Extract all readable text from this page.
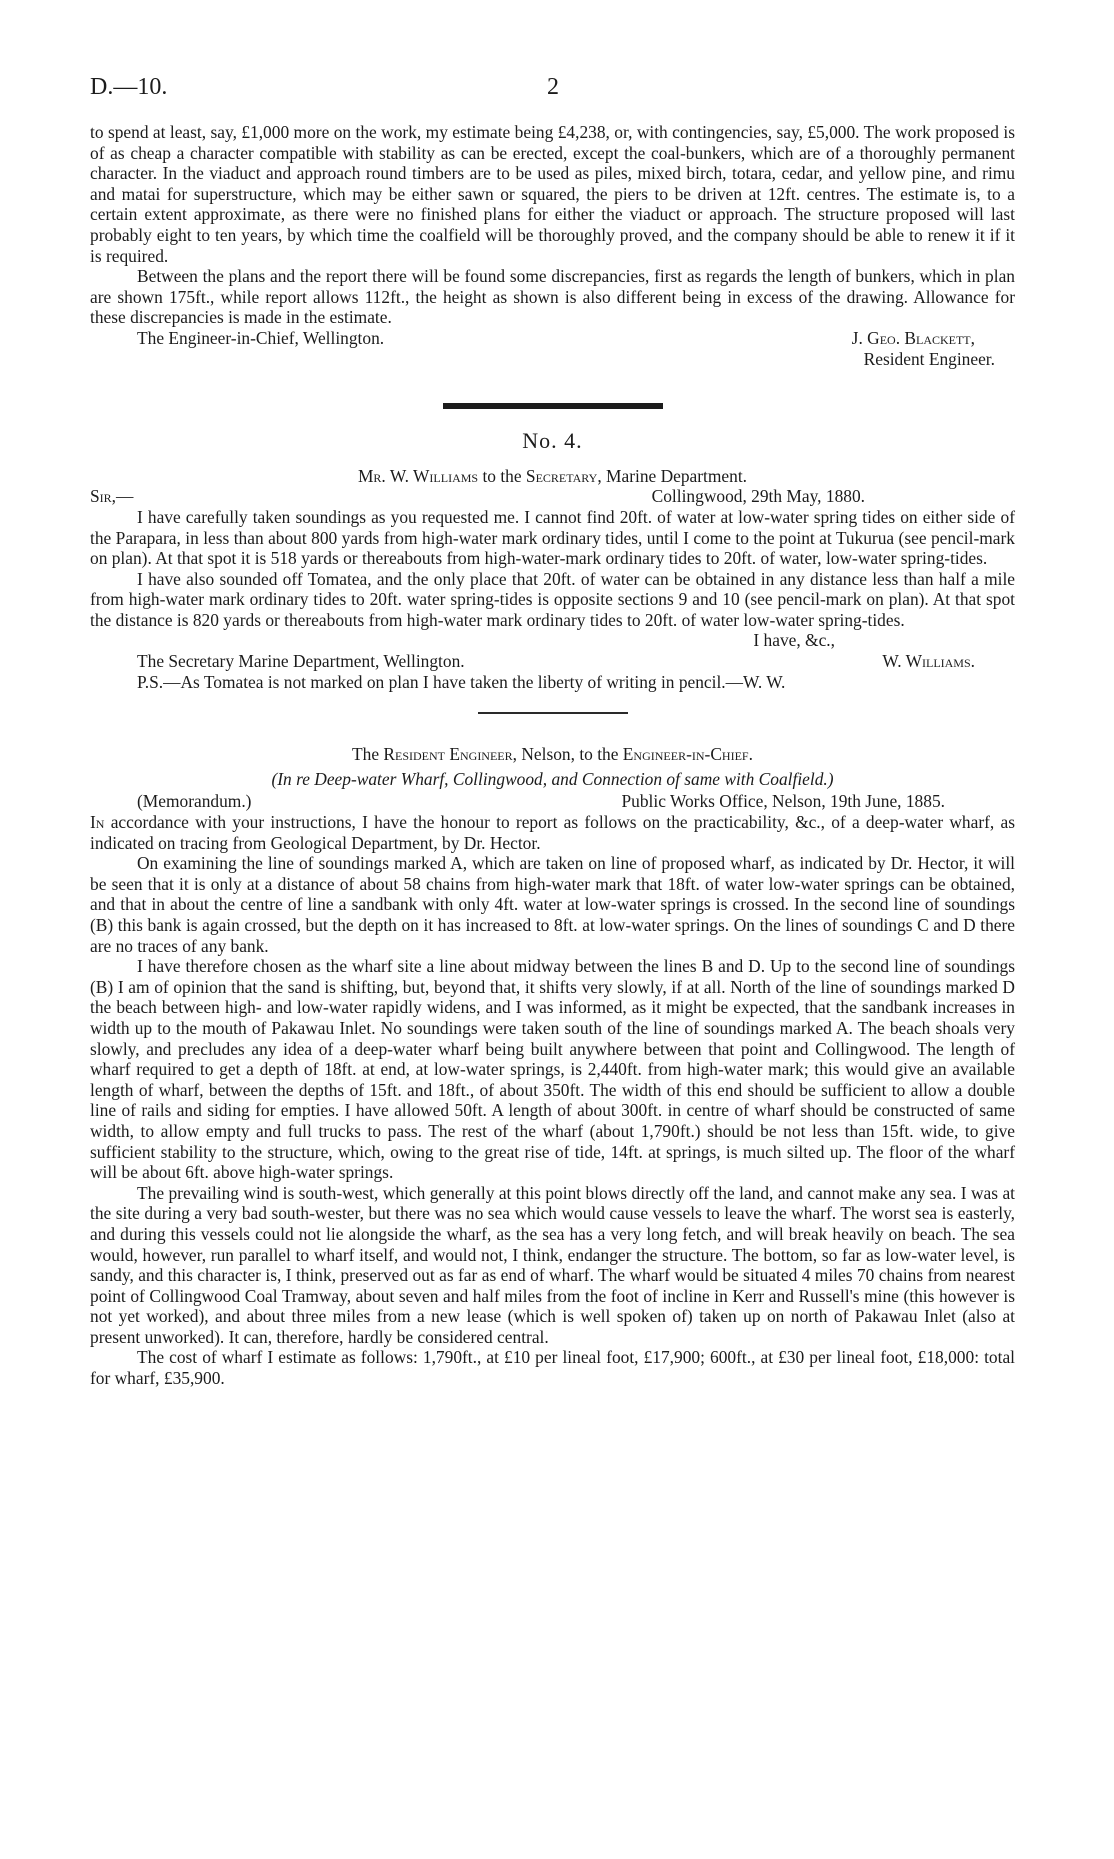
D.—10.	2

to spend at least, say, £1,000 more on the work, my estimate being £4,238, or, with contingencies, say, £5,000. The work proposed is of as cheap a character compatible with stability as can be erected, except the coal-bunkers, which are of a thoroughly permanent character. In the viaduct and approach round timbers are to be used as piles, mixed birch, totara, cedar, and yellow pine, and rimu and matai for superstructure, which may be either sawn or squared, the piers to be driven at 12ft. centres. The estimate is, to a certain extent approximate, as there were no finished plans for either the viaduct or approach. The structure proposed will last probably eight to ten years, by which time the coalfield will be thoroughly proved, and the company should be able to renew it if it is required.

Between the plans and the report there will be found some discrepancies, first as regards the length of bunkers, which in plan are shown 175ft., while report allows 112ft., the height as shown is also different being in excess of the drawing. Allowance for these discrepancies is made in the estimate.

The Engineer-in-Chief, Wellington.	J. Geo. Blackett,
Resident Engineer.
No. 4.

Mr. W. Williams to the Secretary, Marine Department.

Sir,—	Collingwood, 29th May, 1880.

I have carefully taken soundings as you requested me. I cannot find 20ft. of water at low-water spring tides on either side of the Parapara, in less than about 800 yards from high-water mark ordinary tides, until I come to the point at Tukurua (see pencil-mark on plan). At that spot it is 518 yards or thereabouts from high-water-mark ordinary tides to 20ft. of water, low-water spring-tides.

I have also sounded off Tomatea, and the only place that 20ft. of water can be obtained in any distance less than half a mile from high-water mark ordinary tides to 20ft. water spring-tides is opposite sections 9 and 10 (see pencil-mark on plan). At that spot the distance is 820 yards or thereabouts from high-water mark ordinary tides to 20ft. of water low-water spring-tides.

I have, &c.,

The Secretary Marine Department, Wellington.	W. Williams.

P.S.—As Tomatea is not marked on plan I have taken the liberty of writing in pencil.—W. W.

The Resident Engineer, Nelson, to the Engineer-in-Chief.

(In re Deep-water Wharf, Collingwood, and Connection of same with Coalfield.)

(Memorandum.)	Public Works Office, Nelson, 19th June, 1885.

In accordance with your instructions, I have the honour to report as follows on the practicability, &c., of a deep-water wharf, as indicated on tracing from Geological Department, by Dr. Hector.

On examining the line of soundings marked A, which are taken on line of proposed wharf, as indicated by Dr. Hector, it will be seen that it is only at a distance of about 58 chains from high-water mark that 18ft. of water low-water springs can be obtained, and that in about the centre of line a sandbank with only 4ft. water at low-water springs is crossed. In the second line of soundings (B) this bank is again crossed, but the depth on it has increased to 8ft. at low-water springs. On the lines of soundings C and D there are no traces of any bank.

I have therefore chosen as the wharf site a line about midway between the lines B and D. Up to the second line of soundings (B) I am of opinion that the sand is shifting, but, beyond that, it shifts very slowly, if at all. North of the line of soundings marked D the beach between high- and low-water rapidly widens, and I was informed, as it might be expected, that the sandbank increases in width up to the mouth of Pakawau Inlet. No soundings were taken south of the line of soundings marked A. The beach shoals very slowly, and precludes any idea of a deep-water wharf being built anywhere between that point and Collingwood. The length of wharf required to get a depth of 18ft. at end, at low-water springs, is 2,440ft. from high-water mark; this would give an available length of wharf, between the depths of 15ft. and 18ft., of about 350ft. The width of this end should be sufficient to allow a double line of rails and siding for empties. I have allowed 50ft. A length of about 300ft. in centre of wharf should be constructed of same width, to allow empty and full trucks to pass. The rest of the wharf (about 1,790ft.) should be not less than 15ft. wide, to give sufficient stability to the structure, which, owing to the great rise of tide, 14ft. at springs, is much silted up. The floor of the wharf will be about 6ft. above high-water springs.

The prevailing wind is south-west, which generally at this point blows directly off the land, and cannot make any sea. I was at the site during a very bad south-wester, but there was no sea which would cause vessels to leave the wharf. The worst sea is easterly, and during this vessels could not lie alongside the wharf, as the sea has a very long fetch, and will break heavily on beach. The sea would, however, run parallel to wharf itself, and would not, I think, endanger the structure. The bottom, so far as low-water level, is sandy, and this character is, I think, preserved out as far as end of wharf. The wharf would be situated 4 miles 70 chains from nearest point of Collingwood Coal Tramway, about seven and half miles from the foot of incline in Kerr and Russell's mine (this however is not yet worked), and about three miles from a new lease (which is well spoken of) taken up on north of Pakawau Inlet (also at present unworked). It can, therefore, hardly be considered central.

The cost of wharf I estimate as follows: 1,790ft., at £10 per lineal foot, £17,900; 600ft., at £30 per lineal foot, £18,000: total for wharf, £35,900.
